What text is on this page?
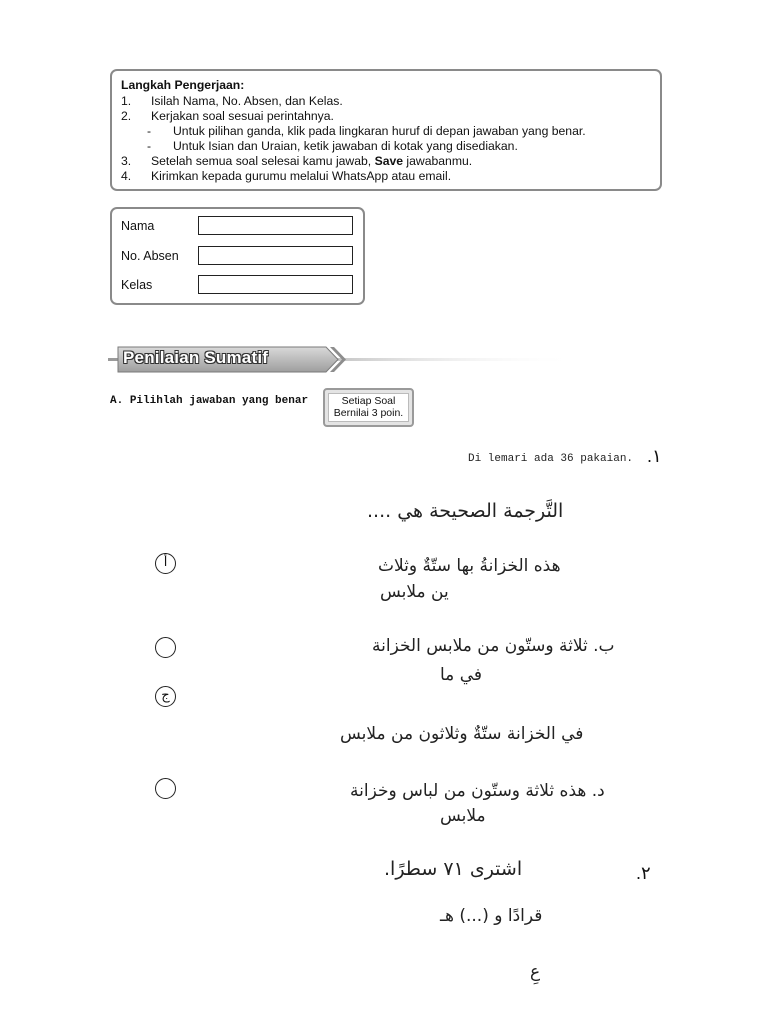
Langkah Pengerjaan:
1. Isilah Nama, No. Absen, dan Kelas.
2. Kerjakan soal sesuai perintahnya.
- Untuk pilihan ganda, klik pada lingkaran huruf di depan jawaban yang benar.
- Untuk Isian dan Uraian, ketik jawaban di kotak yang disediakan.
3. Setelah semua soal selesai kamu jawab, Save jawabanmu.
4. Kirimkan kepada gurumu melalui WhatsApp atau email.
Nama
No. Absen
Kelas
Penilaian Sumatif
A. Pilihlah jawaban yang benar	Setiap Soal
Bernilai 3 poin.
Di lemari ada 36 pakaian. .١
التَّرجمة الصحيحة هي ....
أ	هذه الخزانةُ بها ستّةٌ وثلاث
ين ملابس
ب. ثلاثة وستّون من ملابس الخزانة
في ما
ج
في الخزانة ستّةٌ وثلاثون من ملابس
د. هذه ثلاثة وستّون من لباس وخزانة
ملابس
.٢
اشترى ٧١ سطرًا.
قرادًا و (...) هـ
عِ
